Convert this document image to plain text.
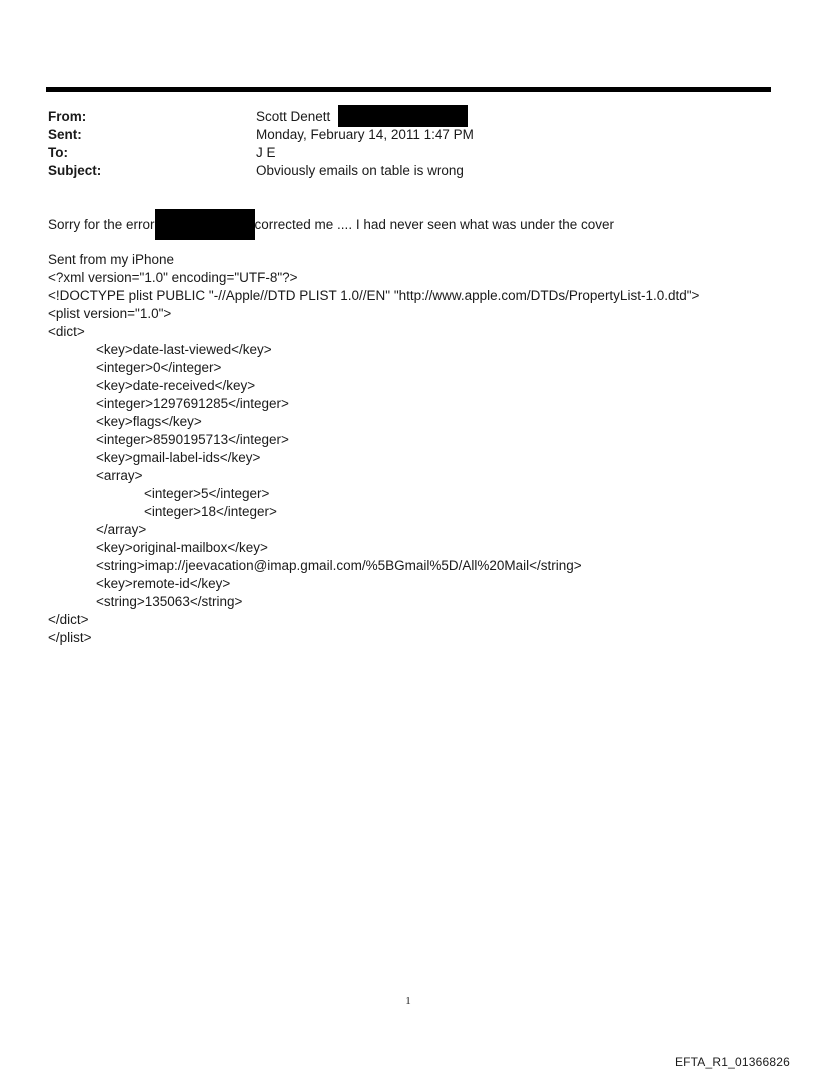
From:	Scott Denett
Sent:	Monday, February 14, 2011 1:47 PM
To:	J E
Subject:	Obviously emails on table is wrong
Sorry for the error	corrected me .... I had never seen what was under the cover
Sent from my iPhone
<?xml version="1.0" encoding="UTF-8"?>
<!DOCTYPE plist PUBLIC "-//Apple//DTD PLIST 1.0//EN" "http://www.apple.com/DTDs/PropertyList-1.0.dtd">
<plist version="1.0">
<dict>
<key>date-last-viewed</key>
<integer>0</integer>
<key>date-received</key>
<integer>1297691285</integer>
<key>flags</key>
<integer>8590195713</integer>
<key>gmail-label-ids</key>
<array>
<integer>5</integer>
<integer>18</integer>
</array>
<key>original-mailbox</key>
<string>imap://jeevacation@imap.gmail.com/%5BGmail%5D/All%20Mail</string>
<key>remote-id</key>
<string>135063</string>
</dict>
</plist>
1
EFTA_R1_01366826
